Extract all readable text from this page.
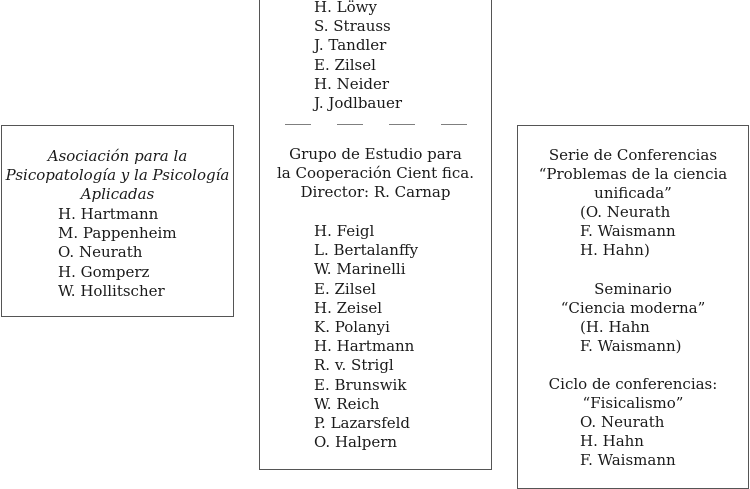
H. Löwy
S. Strauss
J. Tandler
E. Zilsel
H. Neider
J. Jodlbauer
Asociación para la
Psicopatología y la Psicología
Aplicadas
H. Hartmann
M. Pappenheim
O. Neurath
H. Gomperz
W. Hollitscher
Grupo de Estudio para
la Cooperación Cient fica.
Director: R. Carnap
H. Feigl
L. Bertalanffy
W. Marinelli
E. Zilsel
H. Zeisel
K. Polanyi
H. Hartmann
R. v. Strigl
E. Brunswik
W. Reich
P. Lazarsfeld
O. Halpern
Serie de Conferencias
“Problemas de la ciencia
unificada”
(O. Neurath
F. Waismann
H. Hahn)
Seminario
“Ciencia moderna”
(H. Hahn
F. Waismann)
Ciclo de conferencias:
“Fisicalismo”
O. Neurath
H. Hahn
F. Waismann
